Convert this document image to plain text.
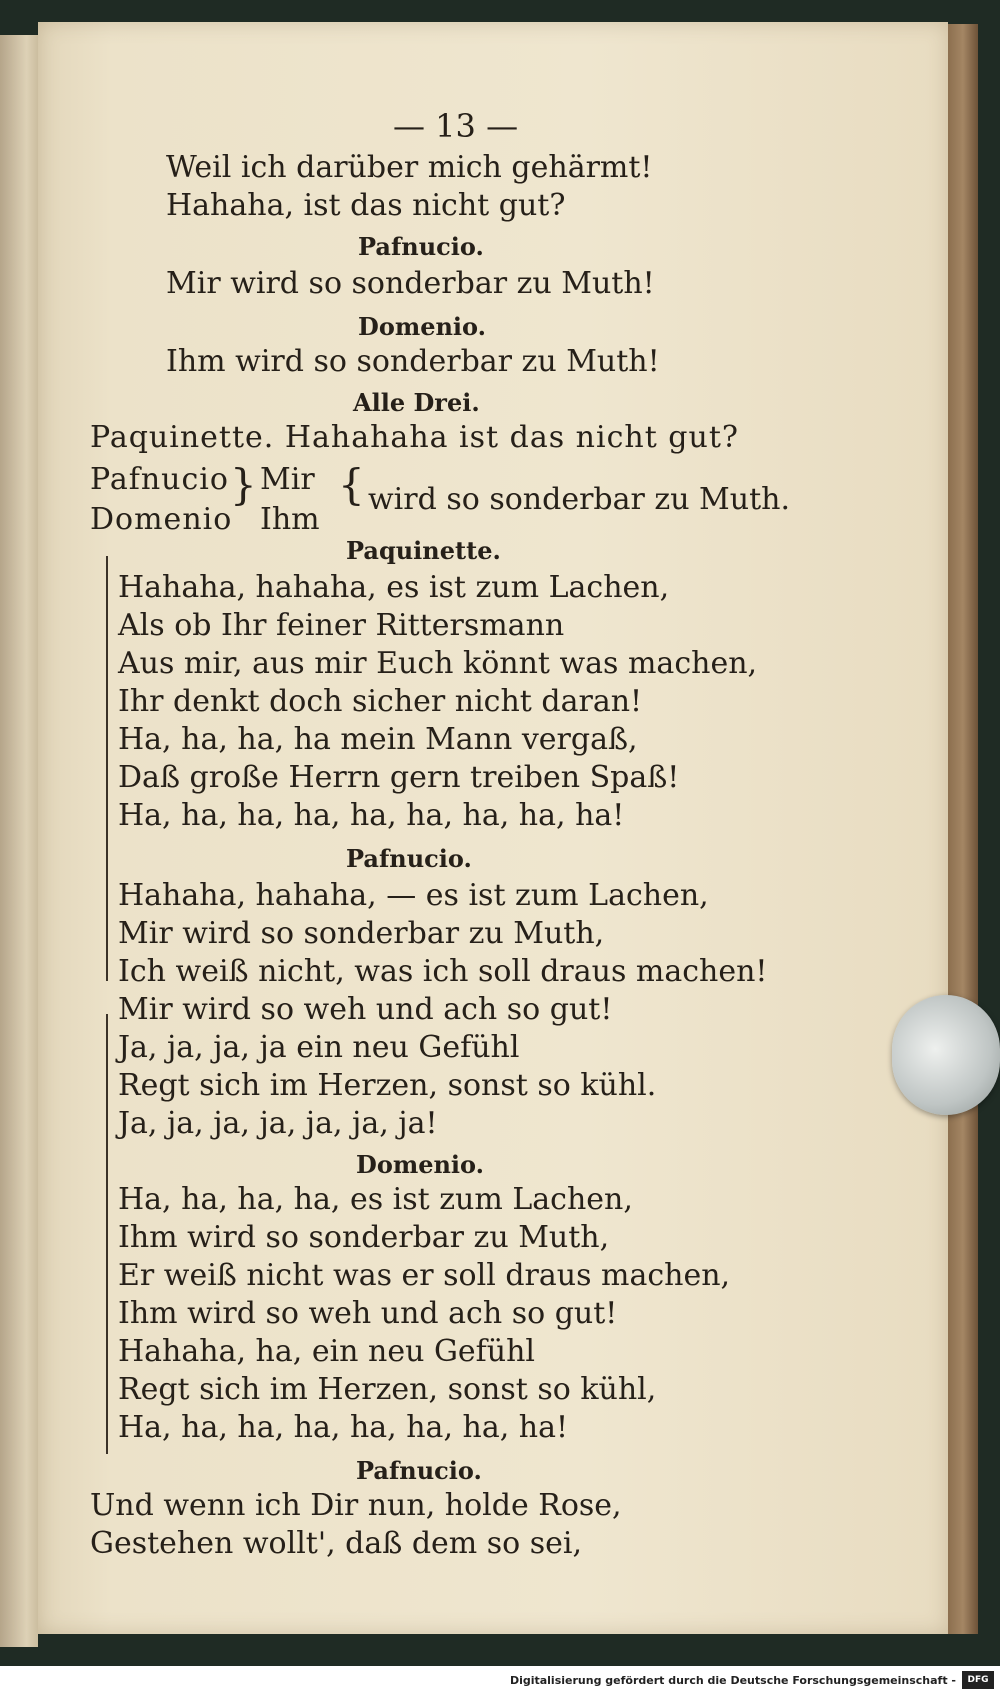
— 13 —
Weil ich darüber mich gehärmt!
Hahaha, ist das nicht gut?
Pafnucio.
Mir wird so sonderbar zu Muth!
Domenio.
Ihm wird so sonderbar zu Muth!
Alle Drei.
Paquinette. Hahahaha ist das nicht gut?
Pafnucio
Domenio
} Mir
Ihm
{ wird so sonderbar zu Muth.
Paquinette.
Hahaha, hahaha, es ist zum Lachen,
Als ob Ihr feiner Rittersmann
Aus mir, aus mir Euch könnt was machen,
Ihr denkt doch sicher nicht daran!
Ha, ha, ha, ha mein Mann vergaß,
Daß große Herrn gern treiben Spaß!
Ha, ha, ha, ha, ha, ha, ha, ha, ha!
Pafnucio.
Hahaha, hahaha, — es ist zum Lachen,
Mir wird so sonderbar zu Muth,
Ich weiß nicht, was ich soll draus machen!
Mir wird so weh und ach so gut!
Ja, ja, ja, ja ein neu Gefühl
Regt sich im Herzen, sonst so kühl.
Ja, ja, ja, ja, ja, ja, ja!
Domenio.
Ha, ha, ha, ha, es ist zum Lachen,
Ihm wird so sonderbar zu Muth,
Er weiß nicht was er soll draus machen,
Ihm wird so weh und ach so gut!
Hahaha, ha, ein neu Gefühl
Regt sich im Herzen, sonst so kühl,
Ha, ha, ha, ha, ha, ha, ha, ha!
Pafnucio.
Und wenn ich Dir nun, holde Rose,
Gestehen wollt', daß dem so sei,
Digitalisierung gefördert durch die Deutsche Forschungsgemeinschaft -	DFG
